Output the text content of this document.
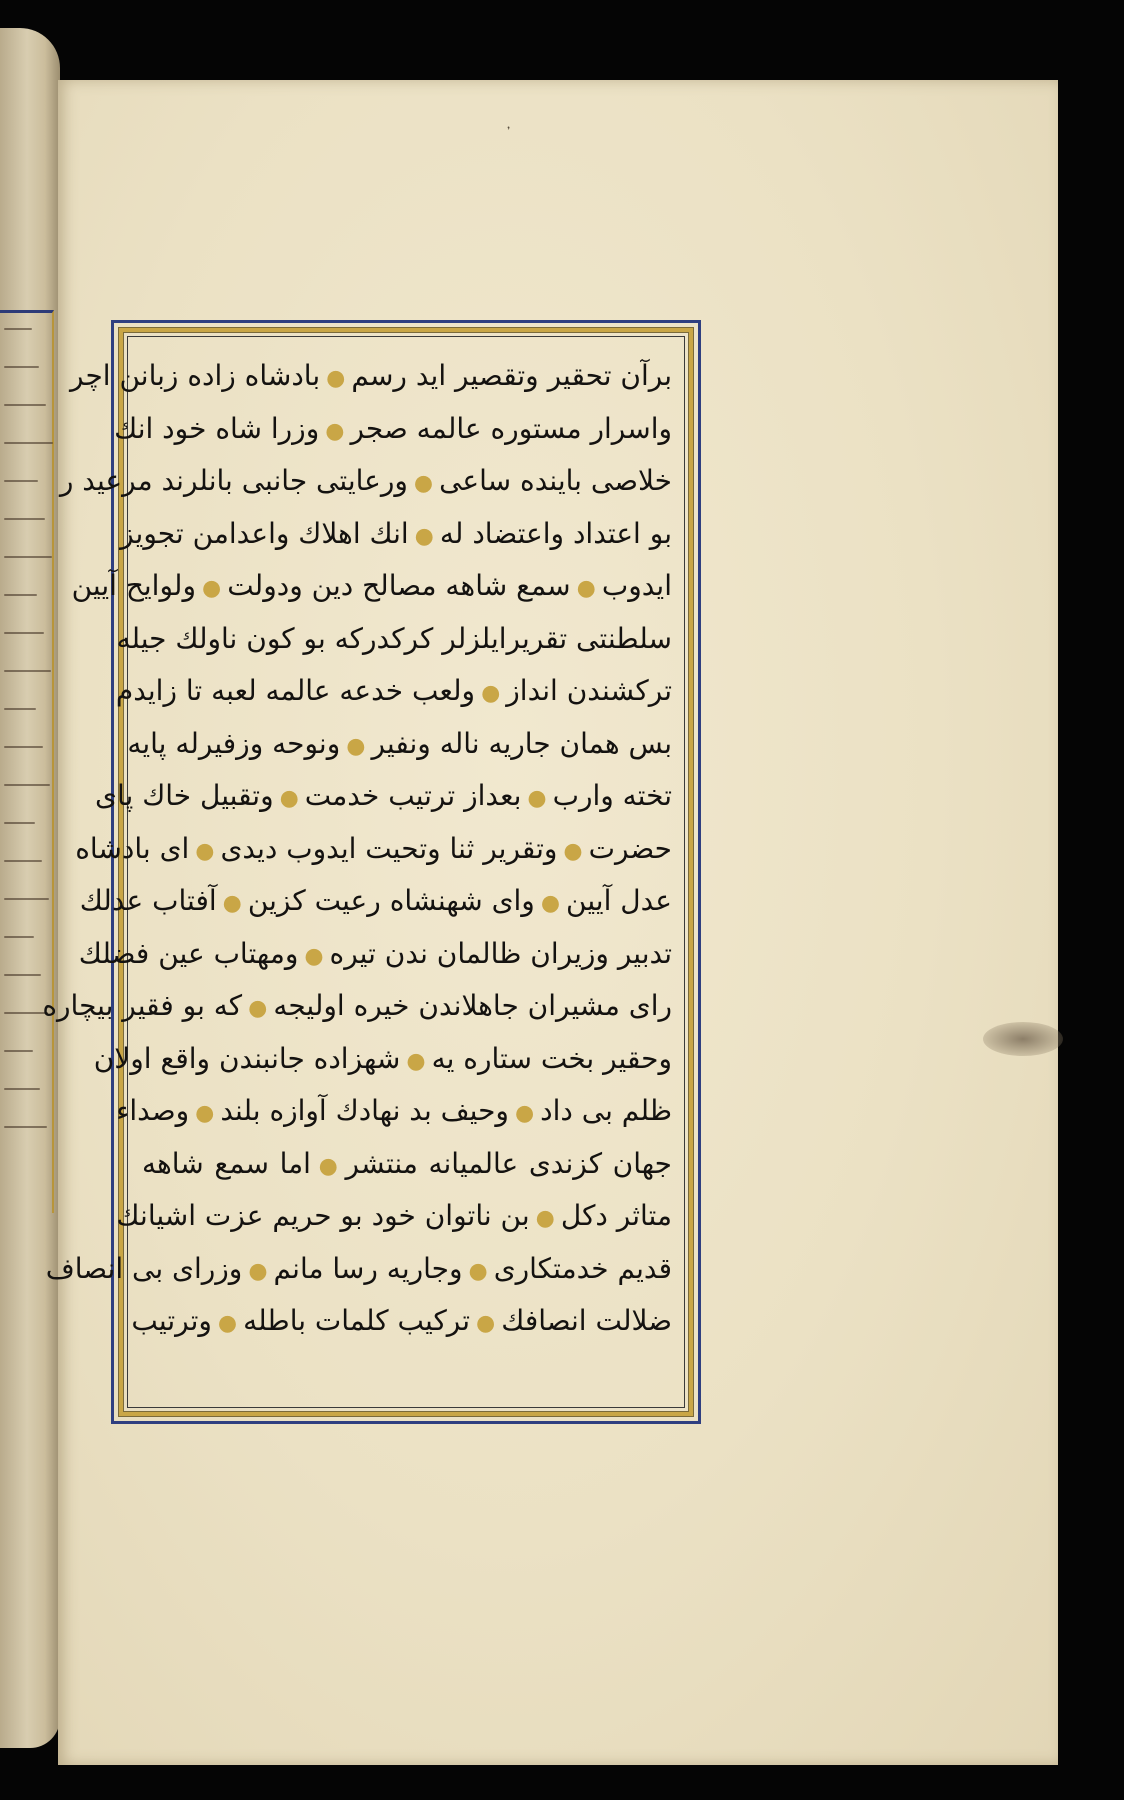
᾿
برآن تحقیر وتقصیر اید رسم●بادشاه زاده زبانن اچر
واسرار مستوره عالمه صجر●وزرا شاه خود انك
خلاصی باینده ساعی●ورعایتی جانبی بانلرند مرعید ر
بو اعتداد واعتضاد له●انك اهلاك واعدامن تجویز
ایدوب●سمع شاهه مصالح دین ودولت●ولوایح آیین
سلطنتی تقریرایلزلر کرکدرکه بو کون ناولك جیله
ترکشندن انداز●ولعب خدعه عالمه لعبه تا زایدم
بس همان جاریه ناله ونفیر●ونوحه وزفیرله پایه
تخته وارب●بعداز ترتیب خدمت●وتقبیل خاك پای
حضرت●وتقریر ثنا وتحیت ایدوب دیدی●ای بادشاه
عدل آیین●وای شهنشاه رعیت کزین●آفتاب عدلك
تدبیر وزیران ظالمان ندن تیره●ومهتاب عین فضلك
رای مشیران جاهلاندن خیره اولیجه●که بو فقیر بیچاره
وحقیر بخت ستاره یه●شهزاده جانبندن واقع اولان
ظلم بی داد●وحیف بد نهادك آوازه بلند●وصداء
جهان کزندی عالمیانه منتشر●اما سمع شاهه
متاثر دکل●بن ناتوان خود بو حریم عزت اشیانك
قدیم خدمتکاری●وجاریه رسا مانم●وزرای بی انصاف
ضلالت انصافك●ترکیب کلمات باطله●وترتیب
